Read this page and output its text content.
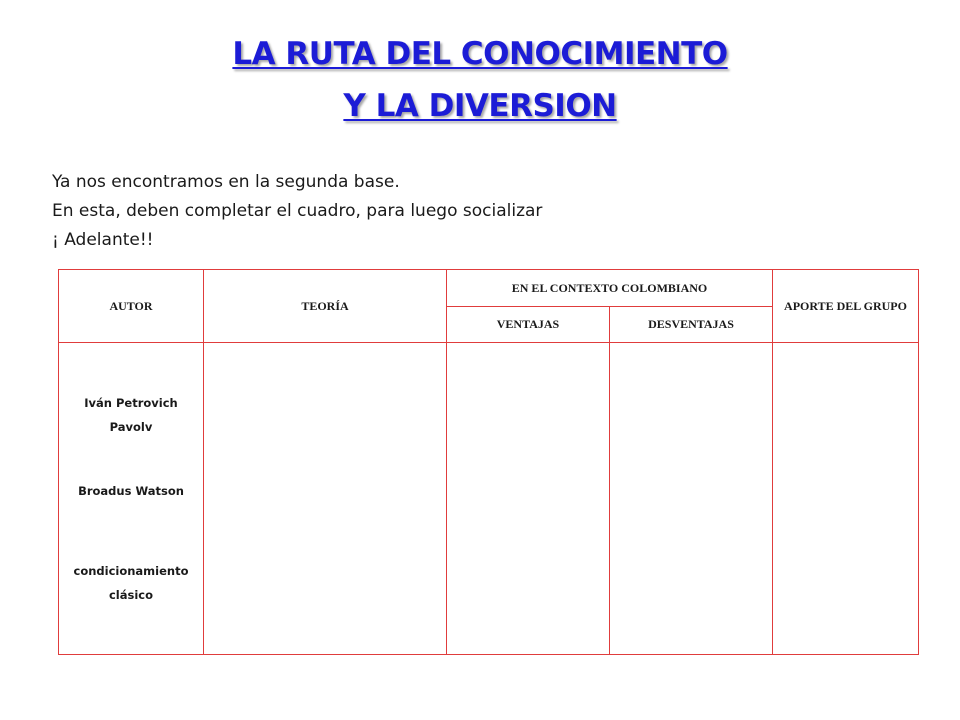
LA RUTA DEL CONOCIMIENTO
Y LA DIVERSION
Ya nos encontramos en la segunda base.
En esta, deben completar el cuadro, para luego socializar
¡ Adelante!!
AUTOR	TEORÍA	EN EL CONTEXTO COLOMBIANO		APORTE DEL GRUPO
		VENTAJAS	DESVENTAJAS	

Iván Petrovich
Pavolv
Broadus Watson
condicionamiento
clásico				
